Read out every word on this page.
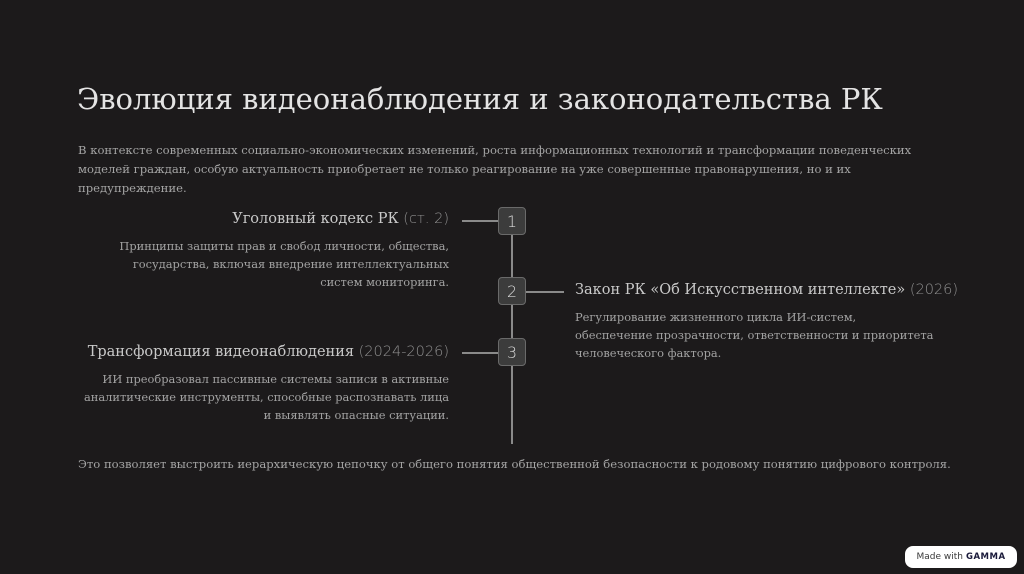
Эволюция видеонаблюдения и законодательства РК

В контексте современных социально-экономических изменений, роста информационных технологий и трансформации поведенческих моделей граждан, особую актуальность приобретает не только реагирование на уже совершенные правонарушения, но и их предупреждение.

1
2
3
Уголовный кодекс РК (ст. 2)

Принципы защиты прав и свобод личности, общества, государства, включая внедрение интеллектуальных систем мониторинга.	Закон РК «Об Искусственном интеллекте» (2026)

Регулирование жизненного цикла ИИ-систем, обеспечение прозрачности, ответственности и приоритета человеческого фактора.

Трансформация видеонаблюдения (2024-2026)

ИИ преобразовал пассивные системы записи в активные аналитические инструменты, способные распознавать лица и выявлять опасные ситуации.

Это позволяет выстроить иерархическую цепочку от общего понятия общественной безопасности к родовому понятию цифрового контроля.

Made with GAMMA
